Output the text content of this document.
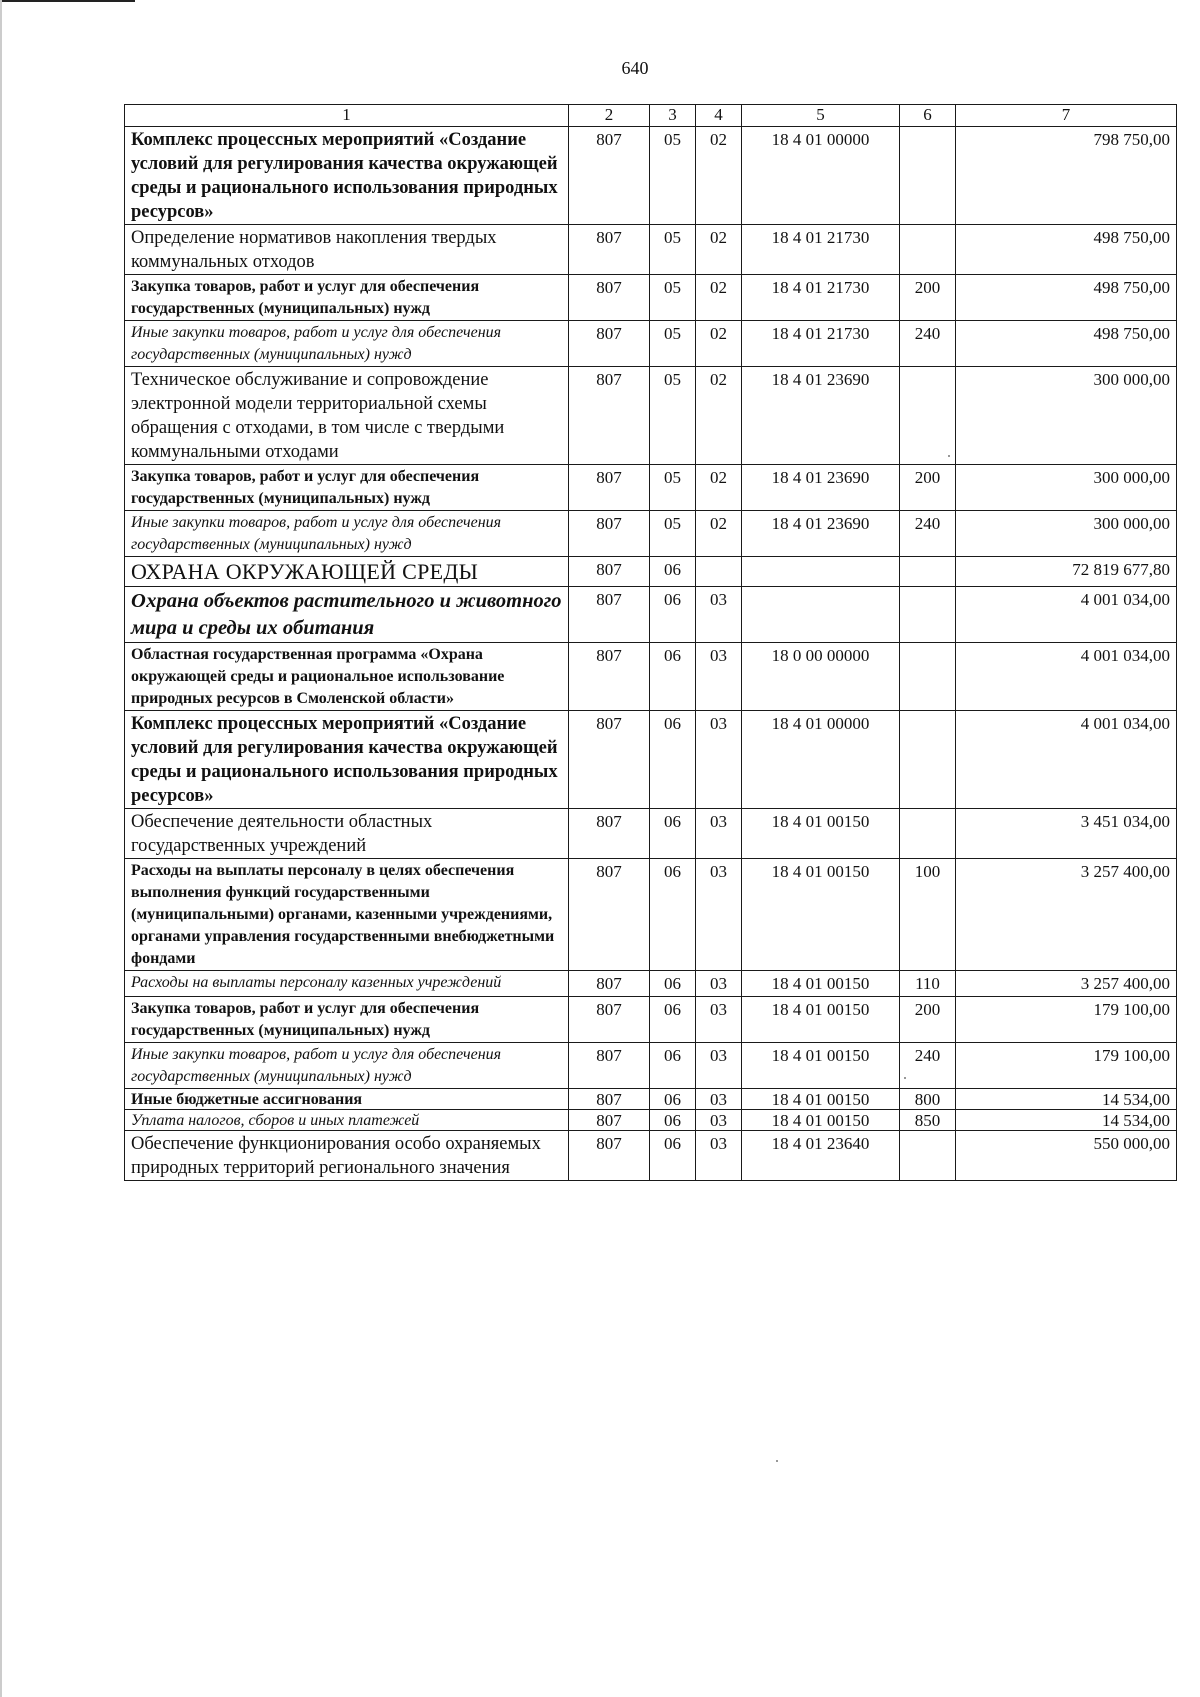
640
1	2	3	4	5	6	7
Комплекс процессных мероприятий «Создание условий для регулирования качества окружающей среды и рационального использования природных ресурсов»	807	05	02	18 4 01 00000		798 750,00
Определение нормативов накопления твердых коммунальных отходов	807	05	02	18 4 01 21730		498 750,00
Закупка товаров, работ и услуг для обеспечения государственных (муниципальных) нужд	807	05	02	18 4 01 21730	200	498 750,00
Иные закупки товаров, работ и услуг для обеспечения государственных (муниципальных) нужд	807	05	02	18 4 01 21730	240	498 750,00
Техническое обслуживание и сопровождение электронной модели территориальной схемы обращения с отходами, в том числе с твердыми коммунальными отходами	807	05	02	18 4 01 23690		300 000,00
Закупка товаров, работ и услуг для обеспечения государственных (муниципальных) нужд	807	05	02	18 4 01 23690	200	300 000,00
Иные закупки товаров, работ и услуг для обеспечения государственных (муниципальных) нужд	807	05	02	18 4 01 23690	240	300 000,00
ОХРАНА ОКРУЖАЮЩЕЙ СРЕДЫ	807	06				72 819 677,80
Охрана объектов растительного и животного мира и среды их обитания	807	06	03			4 001 034,00
Областная государственная программа «Охрана окружающей среды и рациональное использование природных ресурсов в Смоленской области»	807	06	03	18 0 00 00000		4 001 034,00
Комплекс процессных мероприятий «Создание условий для регулирования качества окружающей среды и рационального использования природных ресурсов»	807	06	03	18 4 01 00000		4 001 034,00
Обеспечение деятельности областных государственных учреждений	807	06	03	18 4 01 00150		3 451 034,00
Расходы на выплаты персоналу в целях обеспечения выполнения функций государственными (муниципальными) органами, казенными учреждениями, органами управления государственными внебюджетными фондами	807	06	03	18 4 01 00150	100	3 257 400,00
Расходы на выплаты персоналу казенных учреждений	807	06	03	18 4 01 00150	110	3 257 400,00
Закупка товаров, работ и услуг для обеспечения государственных (муниципальных) нужд	807	06	03	18 4 01 00150	200	179 100,00
Иные закупки товаров, работ и услуг для обеспечения государственных (муниципальных) нужд	807	06	03	18 4 01 00150	240	179 100,00
Иные бюджетные ассигнования	807	06	03	18 4 01 00150	800	14 534,00
Уплата налогов, сборов и иных платежей	807	06	03	18 4 01 00150	850	14 534,00
Обеспечение функционирования особо охраняемых природных территорий регионального значения	807	06	03	18 4 01 23640		550 000,00
